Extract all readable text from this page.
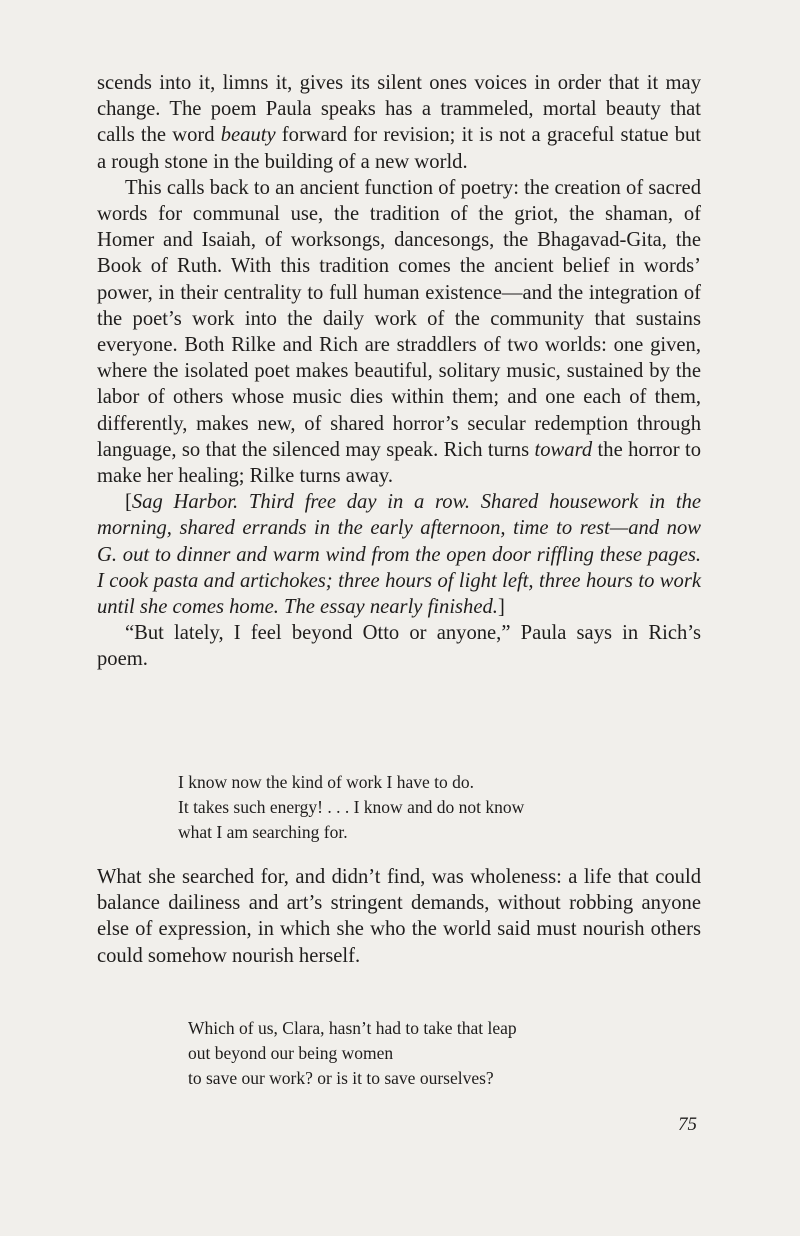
scends into it, limns it, gives its silent ones voices in order that it may change. The poem Paula speaks has a trammeled, mortal beauty that calls the word beauty forward for revision; it is not a graceful statue but a rough stone in the building of a new world.

This calls back to an ancient function of poetry: the creation of sacred words for communal use, the tradition of the griot, the shaman, of Homer and Isaiah, of worksongs, dancesongs, the Bhagavad-Gita, the Book of Ruth. With this tradition comes the ancient belief in words’ power, in their centrality to full human existence—and the integration of the poet’s work into the daily work of the community that sustains everyone. Both Rilke and Rich are straddlers of two worlds: one given, where the isolated poet makes beautiful, solitary music, sustained by the labor of others whose music dies within them; and one each of them, differently, makes new, of shared horror’s secular redemption through language, so that the silenced may speak. Rich turns toward the horror to make her healing; Rilke turns away.

[Sag Harbor. Third free day in a row. Shared housework in the morning, shared errands in the early afternoon, time to rest—and now G. out to dinner and warm wind from the open door riffling these pages. I cook pasta and artichokes; three hours of light left, three hours to work until she comes home. The essay nearly finished.]

“But lately, I feel beyond Otto or anyone,” Paula says in Rich’s poem.

I know now the kind of work I have to do.
It takes such energy! . . . I know and do not know
what I am searching for.

What she searched for, and didn’t find, was wholeness: a life that could balance dailiness and art’s stringent demands, without robbing anyone else of expression, in which she who the world said must nourish others could somehow nourish herself.

Which of us, Clara, hasn’t had to take that leap
out beyond our being women
to save our work? or is it to save ourselves?
75
